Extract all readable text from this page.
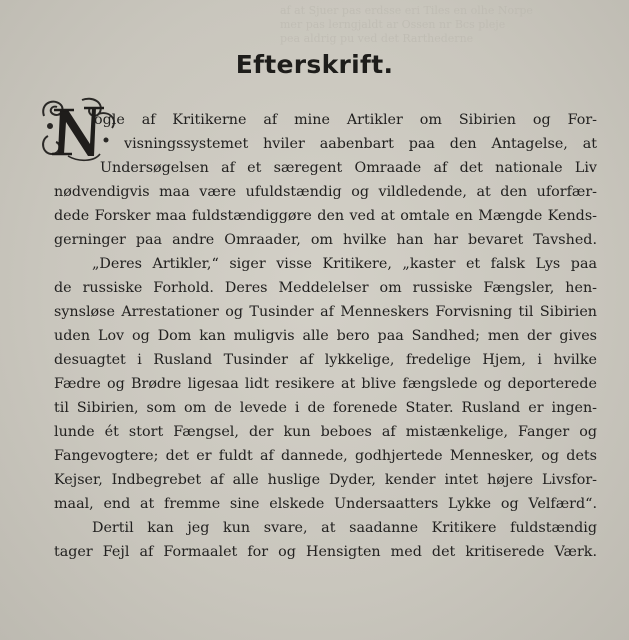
af at Sjuer pas erdsse eri Tiles en olhe Norpe
mer pas lerngjaldt ar Ossen nr Bcs pleje
pea aldrig pu ved det Rarthederne
Efterskrift.
N
ogle af Kritikerne af mine Artikler om Sibirien og For-
visningssystemet hviler aabenbart paa den Antagelse, at
Undersøgelsen af et særegent Omraade af det nationale Liv
nødvendigvis maa være ufuldstændig og vildledende, at den uforfær-
dede Forsker maa fuldstændiggøre den ved at omtale en Mængde Kends-
gerninger paa andre Omraader, om hvilke han har bevaret Tavshed.
„Deres Artikler,“ siger visse Kritikere, „kaster et falsk Lys paa
de russiske Forhold. Deres Meddelelser om russiske Fængsler, hen-
synsløse Arrestationer og Tusinder af Menneskers Forvisning til Sibirien
uden Lov og Dom kan muligvis alle bero paa Sandhed; men der gives
desuagtet i Rusland Tusinder af lykkelige, fredelige Hjem, i hvilke
Fædre og Brødre ligesaa lidt resikere at blive fængslede og deporterede
til Sibirien, som om de levede i de forenede Stater. Rusland er ingen-
lunde ét stort Fængsel, der kun beboes af mistænkelige, Fanger og
Fangevogtere; det er fuldt af dannede, godhjertede Mennesker, og dets
Kejser, Indbegrebet af alle huslige Dyder, kender intet højere Livsfor-
maal, end at fremme sine elskede Undersaatters Lykke og Velfærd“.
Dertil kan jeg kun svare, at saadanne Kritikere fuldstændig
tager Fejl af Formaalet for og Hensigten med det kritiserede Værk.
